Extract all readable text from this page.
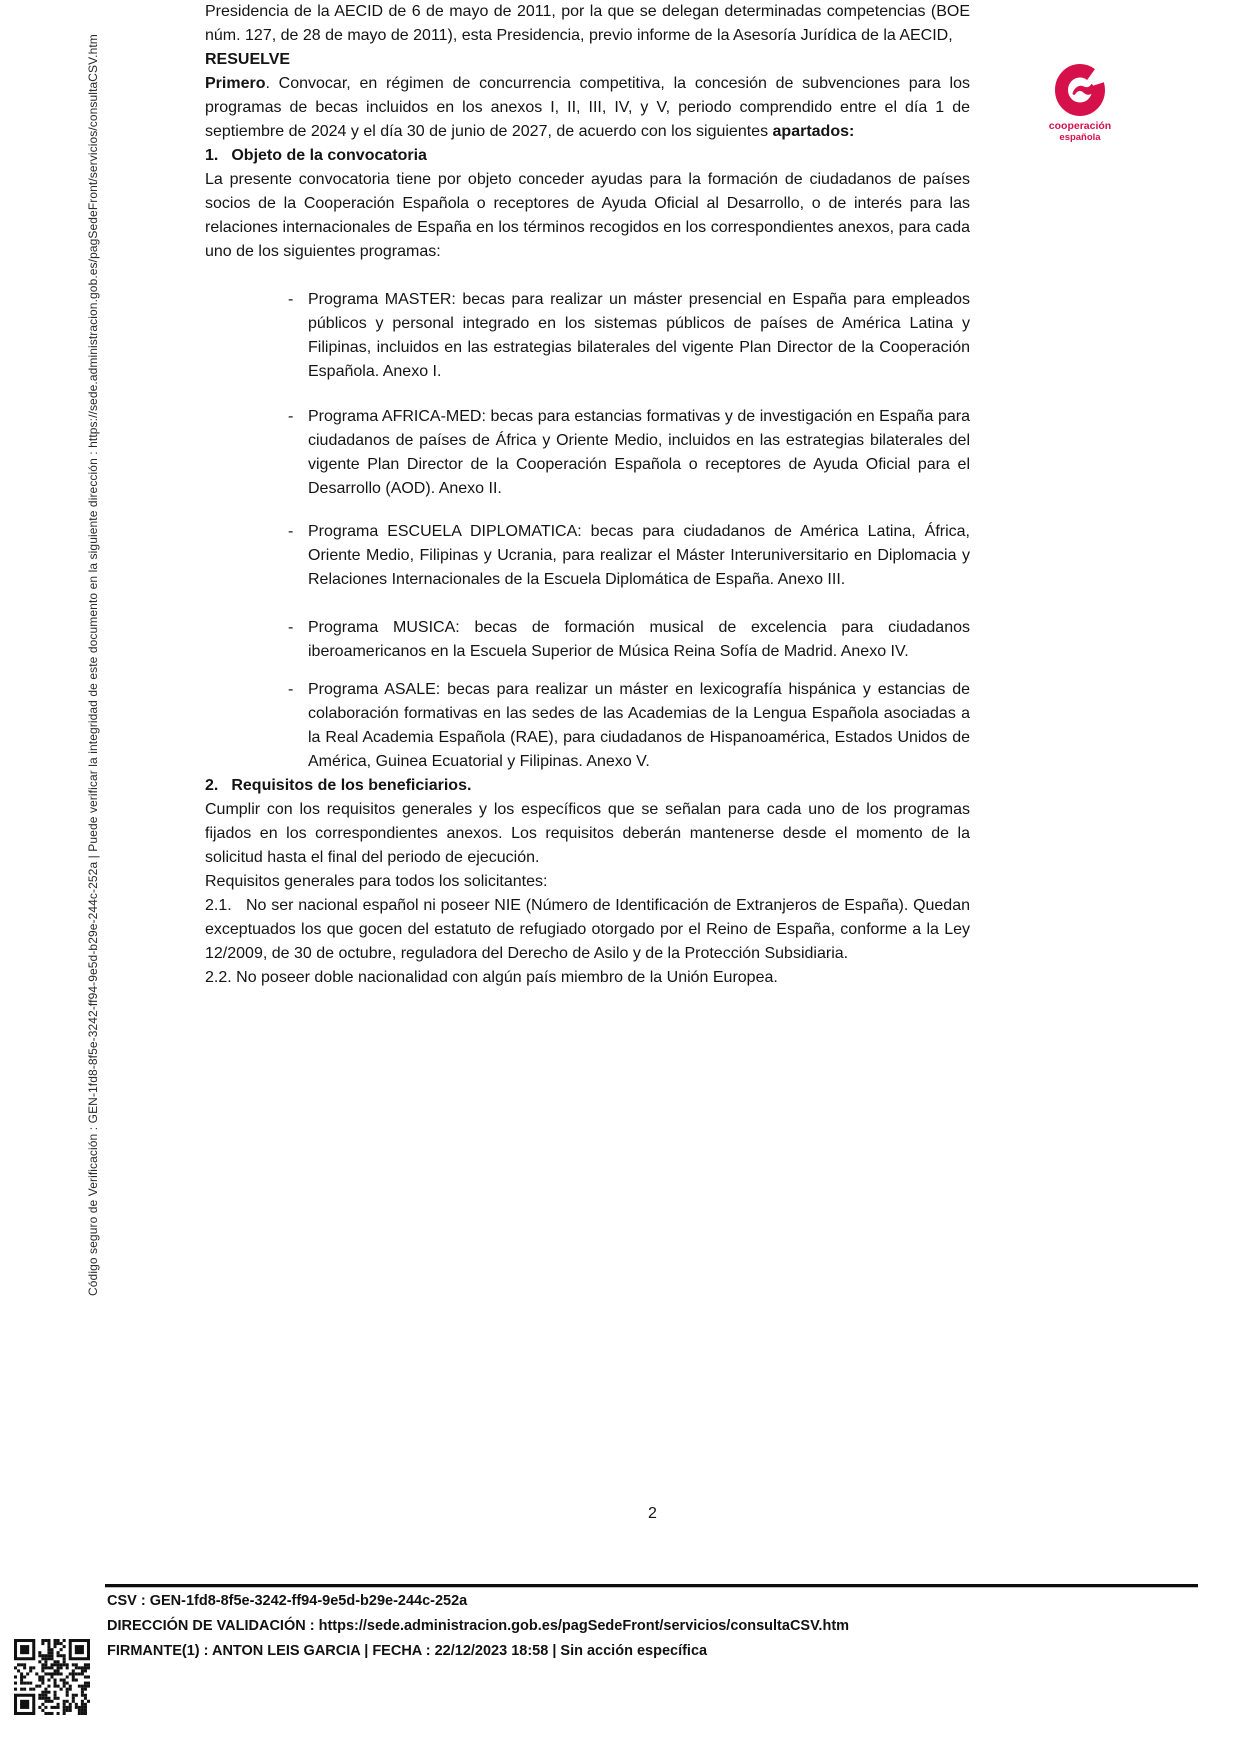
Código seguro de Verificación : GEN-1fd8-8f5e-3242-ff94-9e5d-b29e-244c-252a | Puede verificar la integridad de este documento en la siguiente dirección : https://sede.administracion.gob.es/pagSedeFront/servicios/consultaCSV.htm	cooperación
española

Presidencia de la AECID de 6 de mayo de 2011, por la que se delegan determinadas competencias (BOE núm. 127, de 28 de mayo de 2011), esta Presidencia, previo informe de la Asesoría Jurídica de la AECID,

RESUELVE

Primero. Convocar, en régimen de concurrencia competitiva, la concesión de subvenciones para los programas de becas incluidos en los anexos I, II, III, IV, y V, periodo comprendido entre el día 1 de septiembre de 2024 y el día 30 de junio de 2027, de acuerdo con los siguientes apartados:

1. Objeto de la convocatoria

La presente convocatoria tiene por objeto conceder ayudas para la formación de ciudadanos de países socios de la Cooperación Española o receptores de Ayuda Oficial al Desarrollo, o de interés para las relaciones internacionales de España en los términos recogidos en los correspondientes anexos, para cada uno de los siguientes programas:

- Programa MASTER: becas para realizar un máster presencial en España para empleados públicos y personal integrado en los sistemas públicos de países de América Latina y Filipinas, incluidos en las estrategias bilaterales del vigente Plan Director de la Cooperación Española. Anexo I.
- Programa AFRICA-MED: becas para estancias formativas y de investigación en España para ciudadanos de países de África y Oriente Medio, incluidos en las estrategias bilaterales del vigente Plan Director de la Cooperación Española o receptores de Ayuda Oficial para el Desarrollo (AOD). Anexo II.
- Programa ESCUELA DIPLOMATICA: becas para ciudadanos de América Latina, África, Oriente Medio, Filipinas y Ucrania, para realizar el Máster Interuniversitario en Diplomacia y Relaciones Internacionales de la Escuela Diplomática de España. Anexo III.
- Programa MUSICA: becas de formación musical de excelencia para ciudadanos iberoamericanos en la Escuela Superior de Música Reina Sofía de Madrid. Anexo IV.
- Programa ASALE: becas para realizar un máster en lexicografía hispánica y estancias de colaboración formativas en las sedes de las Academias de la Lengua Española asociadas a la Real Academia Española (RAE), para ciudadanos de Hispanoamérica, Estados Unidos de América, Guinea Ecuatorial y Filipinas. Anexo V.

2. Requisitos de los beneficiarios.

Cumplir con los requisitos generales y los específicos que se señalan para cada uno de los programas fijados en los correspondientes anexos. Los requisitos deberán mantenerse desde el momento de la solicitud hasta el final del periodo de ejecución.

Requisitos generales para todos los solicitantes:

2.1.   No ser nacional español ni poseer NIE (Número de Identificación de Extranjeros de España). Quedan exceptuados los que gocen del estatuto de refugiado otorgado por el Reino de España, conforme a la Ley 12/2009, de 30 de octubre, reguladora del Derecho de Asilo y de la Protección Subsidiaria.

2.2. No poseer doble nacionalidad con algún país miembro de la Unión Europea.

2
CSV : GEN-1fd8-8f5e-3242-ff94-9e5d-b29e-244c-252a
DIRECCIÓN DE VALIDACIÓN : https://sede.administracion.gob.es/pagSedeFront/servicios/consultaCSV.htm
FIRMANTE(1) : ANTON LEIS GARCIA | FECHA : 22/12/2023 18:58 | Sin acción específica
